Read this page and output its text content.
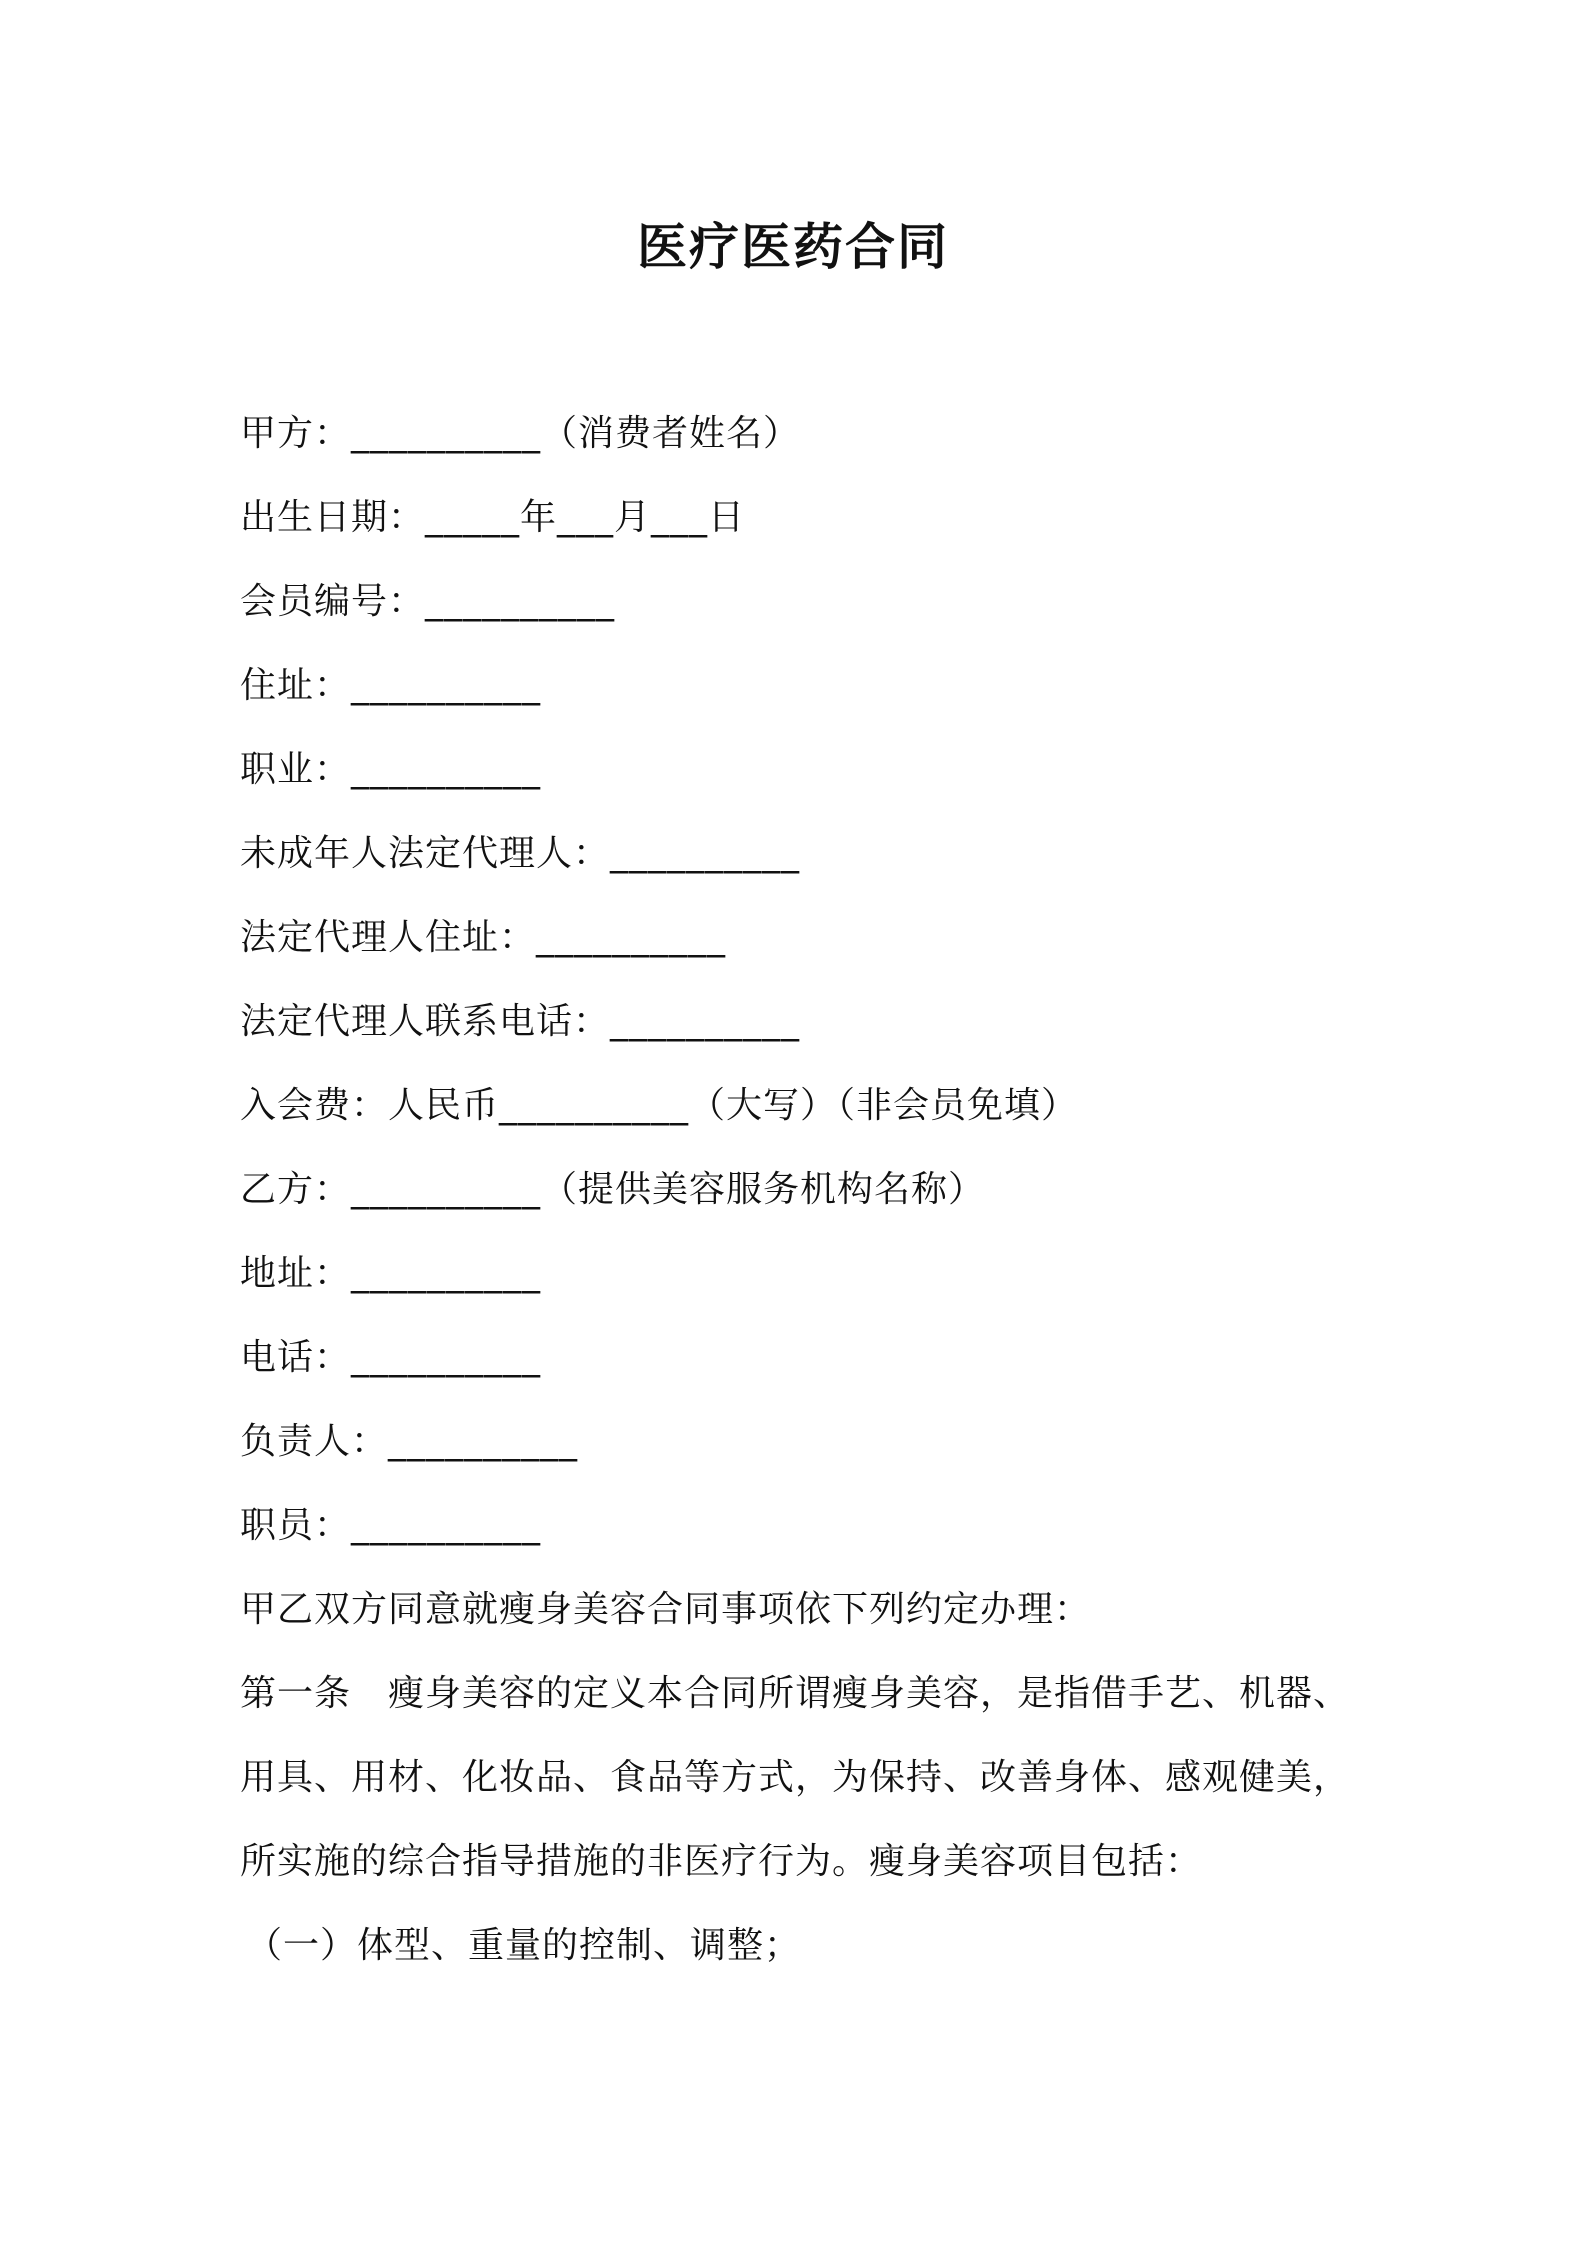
医疗医药合同
甲方：__________（消费者姓名）
出生日期：_____年___月___日
会员编号：__________
住址：__________
职业：__________
未成年人法定代理人：__________
法定代理人住址：__________
法定代理人联系电话：__________
入会费：人民币__________（大写）（非会员免填）
乙方：__________（提供美容服务机构名称）
地址：__________
电话：__________
负责人：__________
职员：__________
甲乙双方同意就瘦身美容合同事项依下列约定办理：
第一条　瘦身美容的定义本合同所谓瘦身美容，是指借手艺、机器、
用具、用材、化妆品、食品等方式，为保持、改善身体、感观健美，
所实施的综合指导措施的非医疗行为。瘦身美容项目包括：
（一）体型、重量的控制、调整；
